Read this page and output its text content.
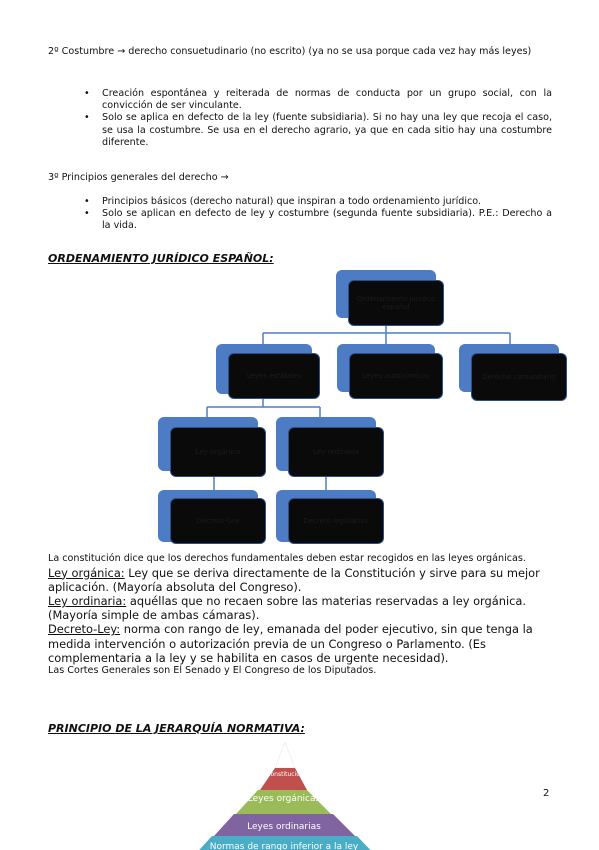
2º Costumbre → derecho consuetudinario (no escrito) (ya no se usa porque cada vez hay más leyes)

• Creación espontánea y reiterada de normas de conducta por un grupo social, con la convicción de ser vinculante.
• Solo se aplica en defecto de la ley (fuente subsidiaria). Si no hay una ley que recoja el caso, se usa la costumbre. Se usa en el derecho agrario, ya que en cada sitio hay una costumbre diferente.

3º Principios generales del derecho →

• Principios básicos (derecho natural) que inspiran a todo ordenamiento jurídico.
• Solo se aplican en defecto de ley y costumbre (segunda fuente subsidiaria). P.E.: Derecho a la vida.
ORDENAMIENTO JURÍDICO ESPAÑOL:
Ordenamiento jurídico español
Leyes estatales	Leyes autonómicas	Derecho comunitario
Ley orgánica	Ley ordinaria
Decreto-Ley	Decreto legislativo
La constitución dice que los derechos fundamentales deben estar recogidos en las leyes orgánicas.
Ley orgánica: Ley que se deriva directamente de la Constitución y sirve para su mejor aplicación. (Mayoría absoluta del Congreso).
Ley ordinaria: aquéllas que no recaen sobre las materias reservadas a ley orgánica. (Mayoría simple de ambas cámaras).
Decreto-Ley: norma con rango de ley, emanada del poder ejecutivo, sin que tenga la medida intervención o autorización previa de un Congreso o Parlamento. (Es complementaria a la ley y se habilita en casos de urgente necesidad).
Las Cortes Generales son El Senado y El Congreso de los Diputados.
PRINCIPIO DE LA JERARQUÍA NORMATIVA:
Constitución
Leyes orgánicas
Leyes ordinarias
Normas de rango inferior a la ley
2
